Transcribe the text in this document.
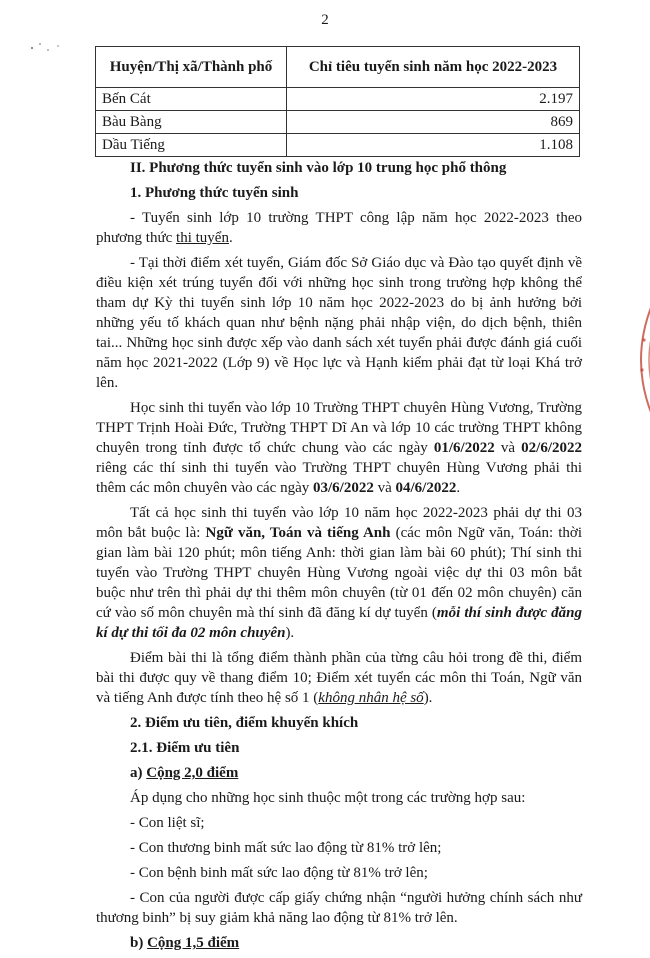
2
Huyện/Thị xã/Thành phố	Chỉ tiêu tuyển sinh năm học 2022-2023
Bến Cát	2.197
Bàu Bàng	869
Dầu Tiếng	1.108

II. Phương thức tuyển sinh vào lớp 10 trung học phổ thông

1. Phương thức tuyển sinh

- Tuyển sinh lớp 10 trường THPT công lập năm học 2022-2023 theo phương thức thi tuyển.

- Tại thời điểm xét tuyển, Giám đốc Sở Giáo dục và Đào tạo quyết định về điều kiện xét trúng tuyển đối với những học sinh trong trường hợp không thể tham dự Kỳ thi tuyển sinh lớp 10 năm học 2022-2023 do bị ảnh hưởng bởi những yếu tố khách quan như bệnh nặng phải nhập viện, do dịch bệnh, thiên tai... Những học sinh được xếp vào danh sách xét tuyển phải được đánh giá cuối năm học 2021-2022 (Lớp 9) về Học lực và Hạnh kiểm phải đạt từ loại Khá trở lên.

Học sinh thi tuyển vào lớp 10 Trường THPT chuyên Hùng Vương, Trường THPT Trịnh Hoài Đức, Trường THPT Dĩ An và lớp 10 các trường THPT không chuyên trong tỉnh được tổ chức chung vào các ngày 01/6/2022 và 02/6/2022 riêng các thí sinh thi tuyển vào Trường THPT chuyên Hùng Vương phải thi thêm các môn chuyên vào các ngày 03/6/2022 và 04/6/2022.

Tất cả học sinh thi tuyển vào lớp 10 năm học 2022-2023 phải dự thi 03 môn bắt buộc là: Ngữ văn, Toán và tiếng Anh (các môn Ngữ văn, Toán: thời gian làm bài 120 phút; môn tiếng Anh: thời gian làm bài 60 phút); Thí sinh thi tuyển vào Trường THPT chuyên Hùng Vương ngoài việc dự thi 03 môn bắt buộc như trên thì phải dự thi thêm môn chuyên (từ 01 đến 02 môn chuyên) căn cứ vào số môn chuyên mà thí sinh đã đăng kí dự tuyển (mỗi thí sinh được đăng kí dự thi tối đa 02 môn chuyên).

Điểm bài thi là tổng điểm thành phần của từng câu hỏi trong đề thi, điểm bài thi được quy về thang điểm 10; Điểm xét tuyển các môn thi Toán, Ngữ văn và tiếng Anh được tính theo hệ số 1 (không nhân hệ số).

2. Điểm ưu tiên, điểm khuyến khích

2.1. Điểm ưu tiên

a) Cộng 2,0 điểm

Áp dụng cho những học sinh thuộc một trong các trường hợp sau:

- Con liệt sĩ;

- Con thương binh mất sức lao động từ 81% trở lên;

- Con bệnh binh mất sức lao động từ 81% trở lên;

- Con của người được cấp giấy chứng nhận “người hưởng chính sách như thương binh” bị suy giảm khả năng lao động từ 81% trở lên.

b) Cộng 1,5 điểm
